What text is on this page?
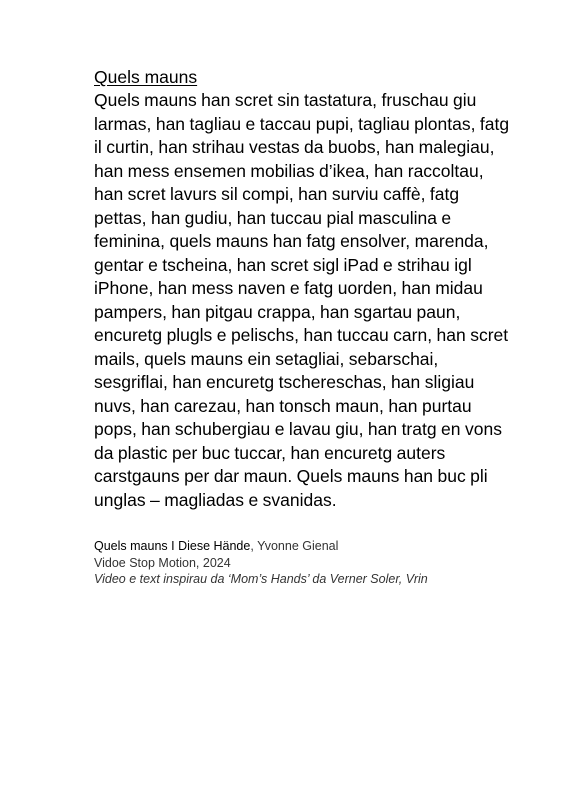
Quels mauns

Quels mauns han scret sin tastatura, fruschau giu larmas, han tagliau e taccau pupi, tagliau plontas, fatg il curtin, han strihau vestas da buobs, han malegiau, han mess ensemen mobilias d’ikea, han raccoltau, han scret lavurs sil compi, han surviu caffè, fatg pettas, han gudiu, han tuccau pial masculina e feminina, quels mauns han fatg ensolver, marenda, gentar e tscheina, han scret sigl iPad e strihau igl iPhone, han mess naven e fatg uorden, han midau pampers, han pitgau crappa, han sgartau paun, encuretg plugls e pelischs, han tuccau carn, han scret mails, quels mauns ein setagliai, sebarschai, sesgriflai, han encuretg tschereschas, han sligiau nuvs, han carezau, han tonsch maun, han purtau pops, han schubergiau e lavau giu, han tratg en vons da plastic per buc tuccar, han encuretg auters carstgauns per dar maun. Quels mauns han buc pli unglas – magliadas e svanidas.

Quels mauns I Diese Hände, Yvonne Gienal
Vidoe Stop Motion, 2024
Video e text inspirau da ‘Mom’s Hands’ da Verner Soler, Vrin
